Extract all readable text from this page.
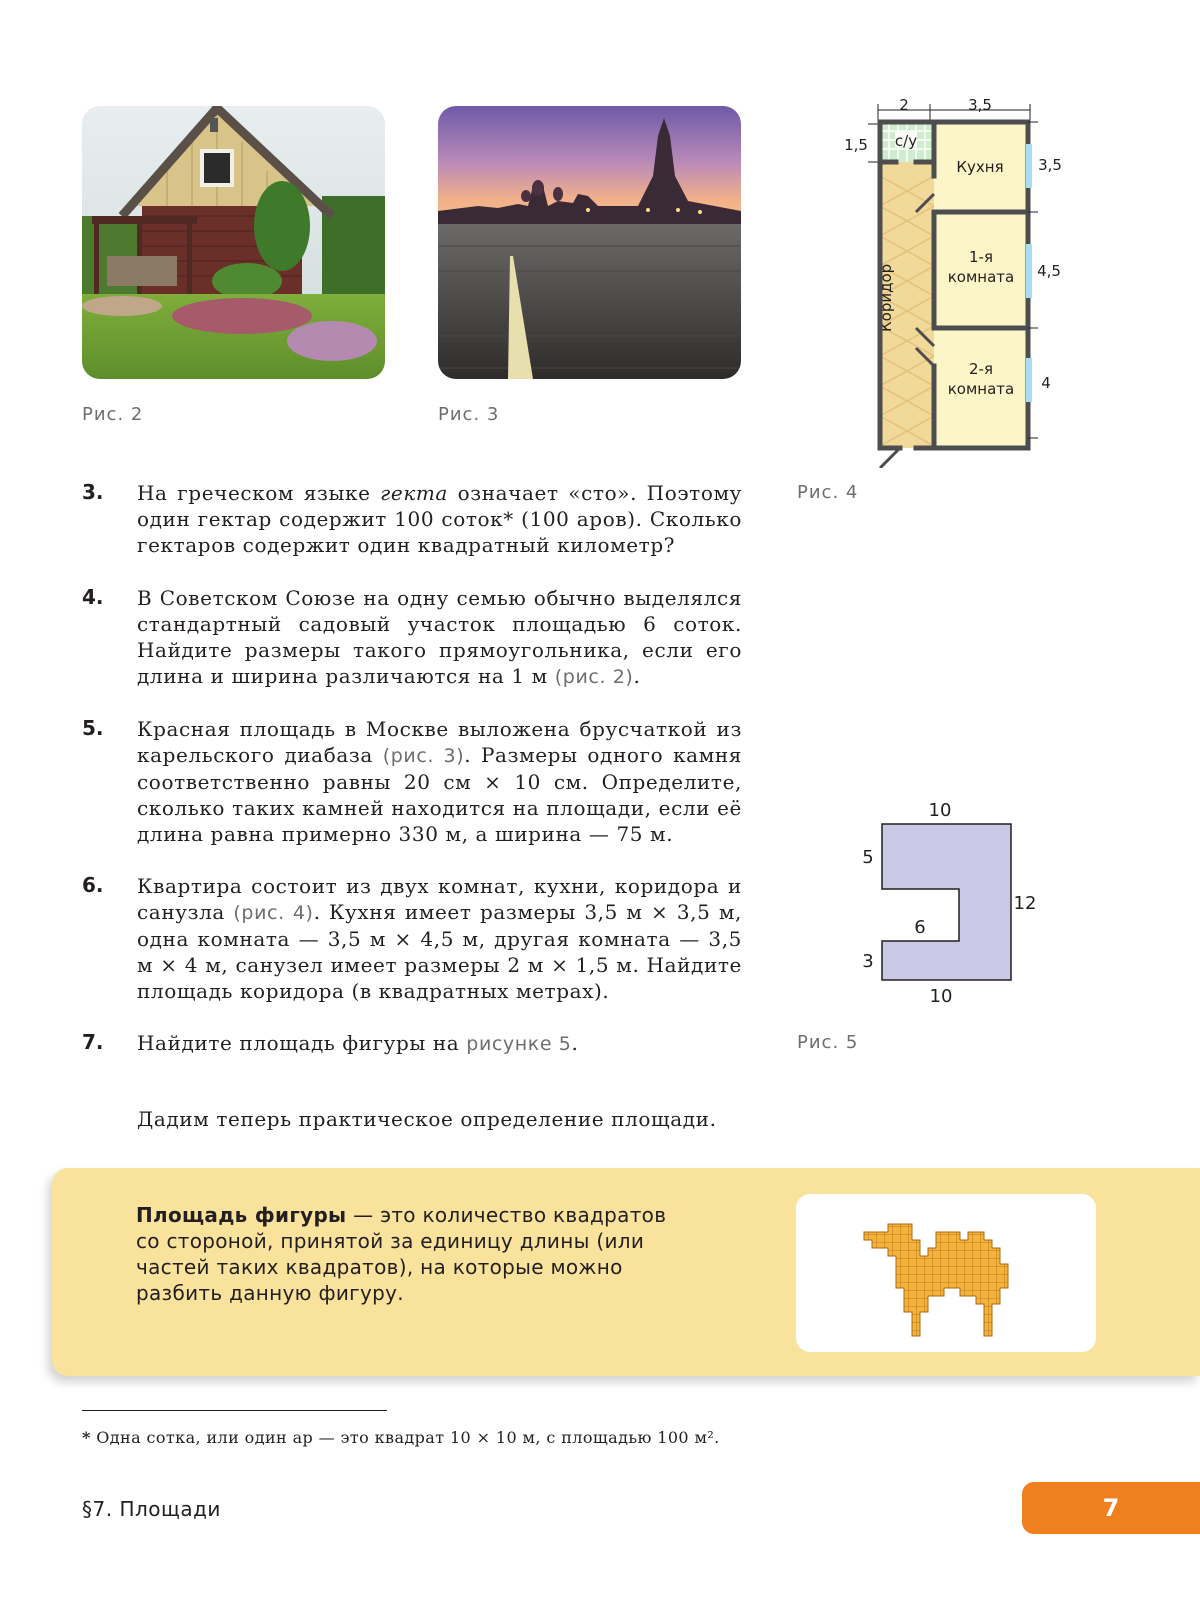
Рис. 2	Рис. 3
2	3,5
1,5 с/у
Коридор
Кухня 3,5
1-я
комната 4,5
2-я
комната 4
Рис. 4
10
5
6
3
12
10
Рис. 5
3. На греческом языке гекта означает «сто». Поэтому один гектар содержит 100 соток* (100 аров). Сколько гектаров содержит один квадратный километр?
4. В Советском Союзе на одну семью обычно выделялся стандартный садовый участок площадью 6 соток. Найдите размеры такого прямоугольника, если его длина и ширина различаются на 1 м (рис. 2).
5. Красная площадь в Москве выложена брусчаткой из карельского диабаза (рис. 3). Размеры одного камня соответственно равны 20 см × 10 см. Определите, сколько таких камней находится на площади, если её длина равна примерно 330 м, а ширина — 75 м.
6. Квартира состоит из двух комнат, кухни, коридора и санузла (рис. 4). Кухня имеет размеры 3,5 м × 3,5 м, одна комната — 3,5 м × 4,5 м, другая комната — 3,5 м × 4 м, санузел имеет размеры 2 м × 1,5 м. Найдите площадь коридора (в квадратных метрах).
7. Найдите площадь фигуры на рисунке 5.
Дадим теперь практическое определение площади.
Площадь фигуры — это количество квадратов со стороной, принятой за единицу длины (или частей таких квадратов), на которые можно разбить данную фигуру.
* Одна сотка, или один ар — это квадрат 10 × 10 м, с площадью 100 м².
§7. Площади	7
